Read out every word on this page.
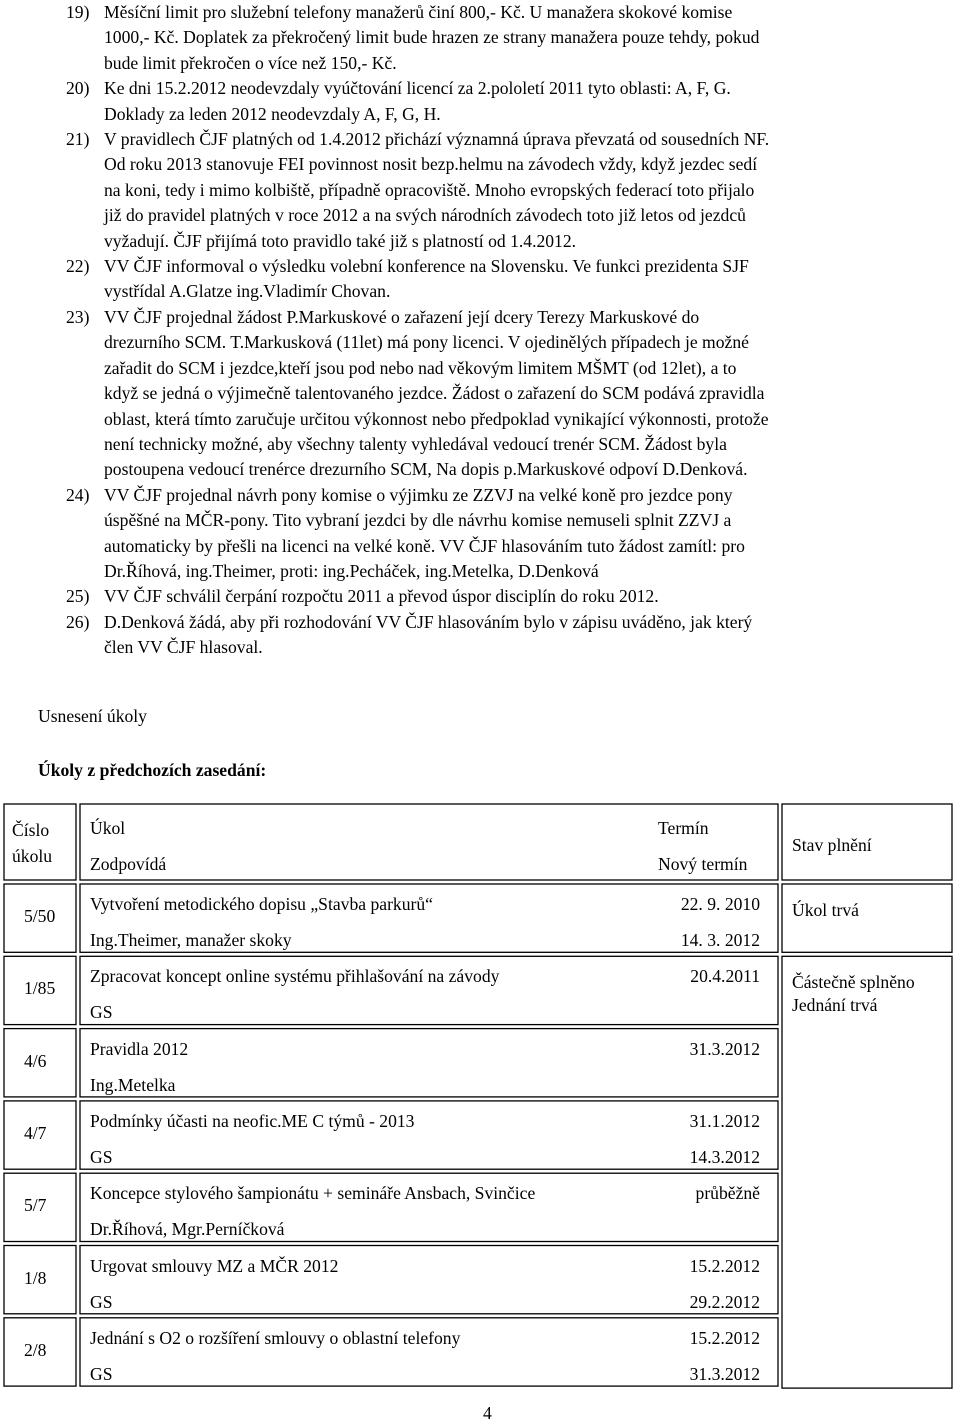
19) Měsíční limit pro služební telefony manažerů činí 800,- Kč. U manažera skokové komise
1000,- Kč. Doplatek za překročený limit bude hrazen ze strany manažera pouze tehdy, pokud
bude limit překročen o více než 150,- Kč.
20) Ke dni 15.2.2012 neodevzdaly vyúčtování licencí za 2.pololetí 2011 tyto oblasti: A, F, G.
Doklady za leden 2012 neodevzdaly A, F, G, H.
21) V pravidlech ČJF platných od 1.4.2012 přichází významná úprava převzatá od sousedních NF.
Od roku 2013 stanovuje FEI povinnost nosit bezp.helmu na závodech vždy, když jezdec sedí
na koni, tedy i mimo kolbiště, případně opracoviště. Mnoho evropských federací toto přijalo
již do pravidel platných v roce 2012 a na svých národních závodech toto již letos od jezdců
vyžadují. ČJF přijímá toto pravidlo také již s platností od 1.4.2012.
22) VV ČJF informoval o výsledku volební konference na Slovensku. Ve funkci prezidenta SJF
vystřídal A.Glatze ing.Vladimír Chovan.
23) VV ČJF projednal žádost P.Markuskové o zařazení její dcery Terezy Markuskové do
drezurního SCM. T.Markusková (11let) má pony licenci. V ojedinělých případech je možné
zařadit do SCM i jezdce,kteří jsou pod nebo nad věkovým limitem MŠMT (od 12let), a to
když se jedná o výjimečně talentovaného jezdce. Žádost o zařazení do SCM podává zpravidla
oblast, která tímto zaručuje určitou výkonnost nebo předpoklad vynikající výkonnosti, protože
není technicky možné, aby všechny talenty vyhledával vedoucí trenér SCM. Žádost byla
postoupena vedoucí trenérce drezurního SCM, Na dopis p.Markuskové odpoví D.Denková.
24) VV ČJF projednal návrh pony komise o výjimku ze ZZVJ na velké koně pro jezdce pony
úspěšné na MČR-pony. Tito vybraní jezdci by dle návrhu komise nemuseli splnit ZZVJ a
automaticky by přešli na licenci na velké koně. VV ČJF hlasováním tuto žádost zamítl: pro
Dr.Říhová, ing.Theimer, proti: ing.Pecháček, ing.Metelka, D.Denková
25) VV ČJF schválil čerpání rozpočtu 2011 a převod úspor disciplín do roku 2012.
26) D.Denková žádá, aby při rozhodování VV ČJF hlasováním bylo v zápisu uváděno, jak který
člen VV ČJF hlasoval.
Usnesení úkoly
Úkoly z předchozích zasedání:
Číslo
úkolu
Úkol
Zodpovídá
Termín
Nový termín
Stav plnění
5/50
Vytvoření metodického dopisu „Stavba parkurů“
Ing.Theimer, manažer skoky
22. 9. 2010
14. 3. 2012
Úkol trvá
1/85
Zpracovat koncept online systému přihlašování na závody
GS
20.4.2011 Částečně splněno
Jednání trvá
4/6
Pravidla 2012
Ing.Metelka
31.3.2012
4/7
Podmínky účasti na neofic.ME C týmů - 2013
GS
31.1.2012
14.3.2012
5/7
Koncepce stylového šampionátu + semináře Ansbach, Svinčice
Dr.Říhová, Mgr.Perníčková
průběžně
1/8
Urgovat smlouvy MZ a MČR 2012
GS
15.2.2012
29.2.2012
2/8
Jednání s O2 o rozšíření smlouvy o oblastní telefony
GS
15.2.2012
31.3.2012
4
